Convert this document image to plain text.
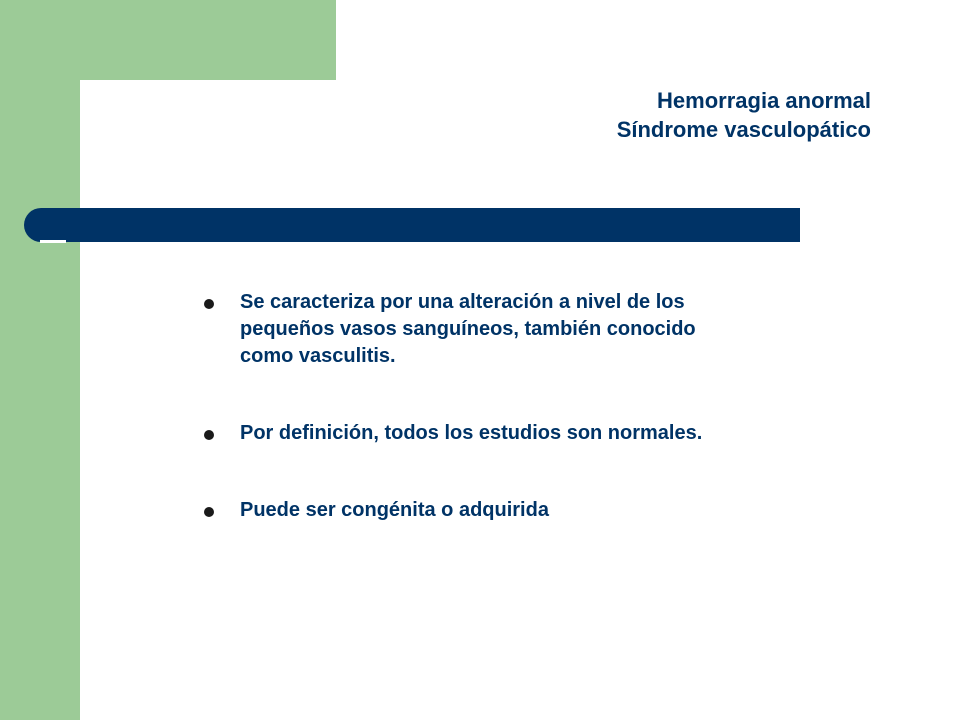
Hemorragia anormal
Síndrome vasculopático
Se caracteriza por una alteración a nivel de los
pequeños vasos sanguíneos, también conocido
como vasculitis.
Por definición, todos los estudios son normales.
Puede ser congénita o adquirida
